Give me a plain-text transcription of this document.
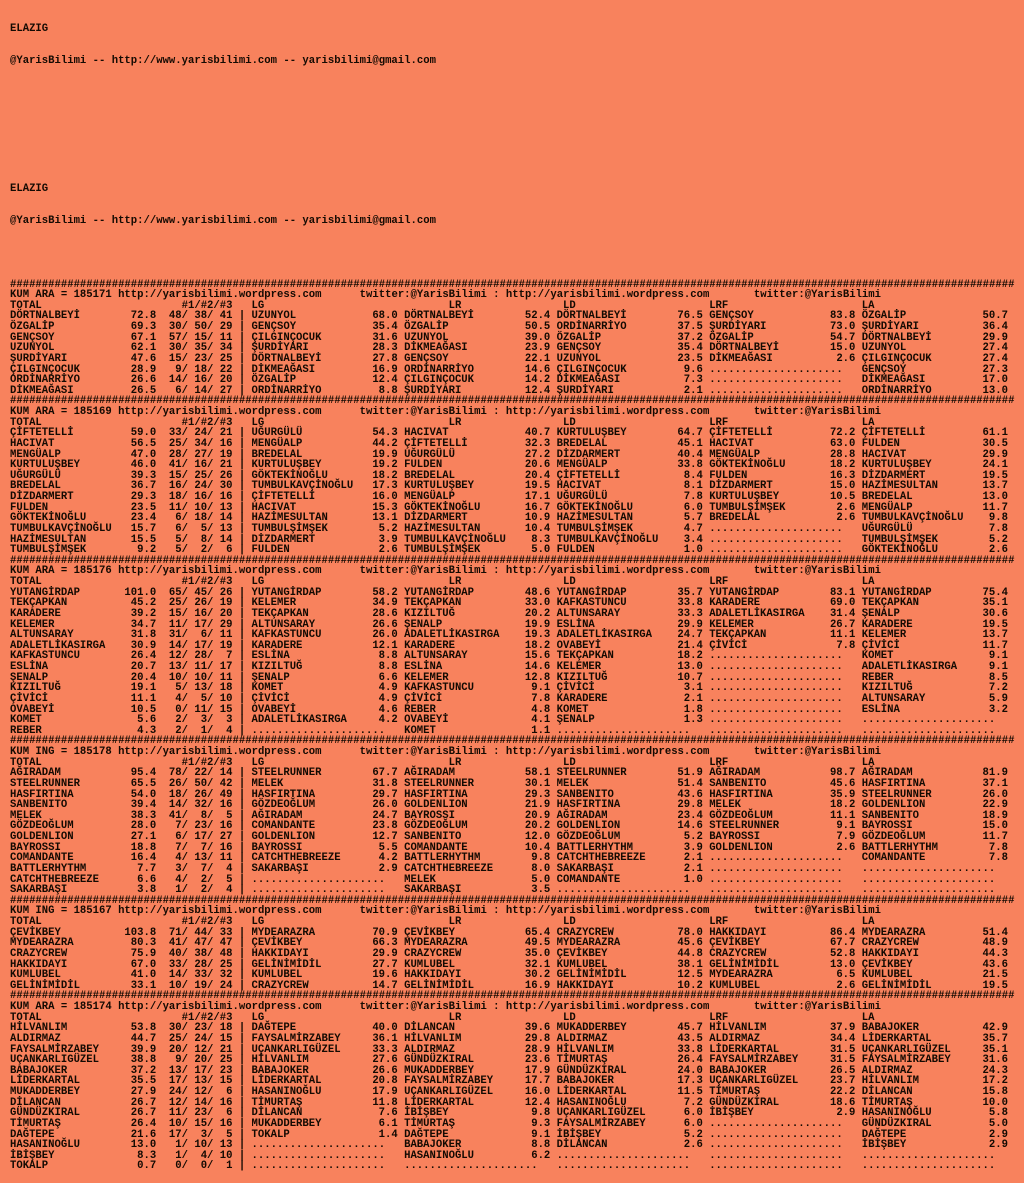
ELAZIG

@YarisBilimi -- http://www.yarisbilimi.com -- yarisbilimi@gmail.com

ELAZIG

@YarisBilimi -- http://www.yarisbilimi.com -- yarisbilimi@gmail.com

##############################################################################################################################################################
KUM ARA = 185171 http://yarisbilimi.wordpress.com	twitter:@YarisBilimi : http://yarisbilimi.wordpress.com	twitter:@YarisBilimi
TOTAL	#1/#2/#3 LG	LR	LD	LRF	LA
DÖRTNALBEYİ	72.8 48/ 38/ 41 | UZUNYOL	68.0 DÖRTNALBEYİ	52.4 DÖRTNALBEYİ	76.5 GENÇSOY	83.8 ÖZGALİP	50.7
ÖZGALİP	69.3 30/ 50/ 29 | GENÇSOY	35.4 ÖZGALİP	50.5 ORDİNARRİYO	37.5 ŞURDİYARI	73.0 ŞURDİYARI	36.4
GENÇSOY	67.1 57/ 15/ 11 | ÇILGINÇOCUK	31.6 UZUNYOL	39.0 ÖZGALİP	37.2 ÖZGALİP	54.7 DÖRTNALBEYİ	29.9
UZUNYOL	62.1 30/ 35/ 34 | ŞURDİYARI	28.3 DİKMEAĞASI	23.9 GENÇSOY	35.4 DÖRTNALBEYİ	15.0 UZUNYOL	27.4
ŞURDİYARI	47.6 15/ 23/ 25 | DÖRTNALBEYİ	27.8 GENÇSOY	22.1 UZUNYOL	23.5 DİKMEAĞASI	2.6 ÇILGINÇOCUK	27.4
ÇILGINÇOCUK	28.9 9/ 18/ 22 | DİKMEAĞASI	16.9 ORDİNARRİYO	14.6 ÇILGINÇOCUK	9.6 ..................... GENÇSOY	27.3
ORDİNARRİYO	26.6 14/ 16/ 20 | ÖZGALİP	12.4 ÇILGINÇOCUK	14.2 DİKMEAĞASI	7.3 ..................... DİKMEAĞASI	17.0
DİKMEAĞASI	26.5 6/ 14/ 27 | ORDİNARRİYO	8.8 ŞURDİYARI	12.4 ŞURDİYARI	2.1 ..................... ORDİNARRİYO	13.0
##############################################################################################################################################################
KUM ARA = 185169 http://yarisbilimi.wordpress.com	twitter:@YarisBilimi : http://yarisbilimi.wordpress.com	twitter:@YarisBilimi
TOTAL	#1/#2/#3 LG	LR	LD	LRF	LA
ÇİFTETELLİ	59.0 33/ 24/ 21 | UĞURGÜLÜ	54.3 HACIVAT	40.7 KURTULUŞBEY	64.7 ÇİFTETELLİ	72.2 ÇİFTETELLİ	61.1
HACIVAT	56.5 25/ 34/ 16 | MENGÜALP	44.2 ÇİFTETELLİ	32.3 BREDELAL	45.1 HACIVAT	63.0 FULDEN	30.5
MENGÜALP	47.0 28/ 27/ 19 | BREDELAL	19.9 UĞURGÜLÜ	27.2 DİZDARMERT	40.4 MENGÜALP	28.8 HACIVAT	29.9
KURTULUŞBEY	46.0 41/ 16/ 21 | KURTULUŞBEY	19.2 FULDEN	20.6 MENGÜALP	33.8 GÖKTEKİNOĞLU	18.2 KURTULUŞBEY	24.1
UĞURGÜLÜ	39.3 15/ 25/ 26 | GÖKTEKİNOĞLU	18.2 BREDELAL	20.4 ÇİFTETELLİ	8.4 FULDEN	16.3 DİZDARMERT	19.5
BREDELAL	36.7 16/ 24/ 30 | TUMBULKAVÇİNOĞLU 17.3 KURTULUŞBEY	19.5 HACIVAT	8.1 DİZDARMERT	15.0 HAZİMESULTAN	13.7
DİZDARMERT	29.3 18/ 16/ 16 | ÇİFTETELLİ	16.0 MENGÜALP	17.1 UĞURGÜLÜ	7.8 KURTULUŞBEY	10.5 BREDELAL	13.0
FULDEN	23.5 11/ 10/ 13 | HACIVAT	15.3 GÖKTEKİNOĞLU	16.7 GÖKTEKİNOĞLU	6.0 TUMBULŞİMŞEK	2.6 MENGÜALP	11.7
GÖKTEKİNOĞLU	23.4 6/ 18/ 14 | HAZİMESULTAN	13.1 DİZDARMERT	10.9 HAZİMESULTAN	5.7 BREDELAL	2.6 TUMBULKAVÇİNOĞLU 9.8
TUMBULKAVÇİNOĞLU 15.7 6/  5/ 13 | TUMBULŞİMŞEK	5.2 HAZİMESULTAN	10.4 TUMBULŞİMŞEK	4.7 ..................... UĞURGÜLÜ	7.8
HAZİMESULTAN	15.5 5/  8/ 14 | DİZDARMERT	3.9 TUMBULKAVÇİNOĞLU 8.3 TUMBULKAVÇİNOĞLU 3.4 ..................... TUMBULŞİMŞEK	5.2
TUMBULŞİMŞEK	9.2 5/  2/  6 | FULDEN	2.6 TUMBULŞİMŞEK	5.0 FULDEN	1.0 ..................... GÖKTEKİNOĞLU	2.6
##############################################################################################################################################################
KUM ARA = 185176 http://yarisbilimi.wordpress.com	twitter:@YarisBilimi : http://yarisbilimi.wordpress.com	twitter:@YarisBilimi
TOTAL	#1/#2/#3 LG	LR	LD	LRF	LA
YUTANGİRDAP	101.0 65/ 45/ 26 | YUTANGİRDAP	58.2 YUTANGİRDAP	48.6 YUTANGİRDAP	35.7 YUTANGİRDAP	83.1 YUTANGİRDAP	75.4
TEKÇAPKAN	45.2 25/ 26/ 19 | KELEMER	34.9 TEKÇAPKAN	33.0 KAFKASTUNCU	33.8 KARADERE	69.0 TEKÇAPKAN	35.1
KARADERE	39.2 15/ 16/ 20 | TEKÇAPKAN	28.6 KIZILTUĞ	20.2 ALTUNSARAY	33.3 ADALETLİKASIRGA 31.4 ŞENALP	30.6
KELEMER	34.7 11/ 17/ 29 | ALTUNSARAY	26.6 ŞENALP	19.9 ESLİNA	29.9 KELEMER	26.7 KARADERE	19.5
ALTUNSARAY	31.8 31/  6/ 11 | KAFKASTUNCU	26.0 ADALETLİKASIRGA 19.3 ADALETLİKASIRGA 24.7 TEKÇAPKAN	11.1 KELEMER	13.7
ADALETLİKASIRGA 30.9 14/ 17/ 19 | KARADERE	12.1 KARADERE	18.2 OVABEYİ	21.4 ÇİVİCİ	7.8 ÇİVİCİ	11.7
KAFKASTUNCU	26.4 12/ 28/  7 | ESLİNA	8.8 ALTUNSARAY	15.6 TEKÇAPKAN	18.2 ..................... KOMET	9.1
ESLİNA	20.7 13/ 11/ 17 | KIZILTUĞ	8.8 ESLİNA	14.6 KELEMER	13.0 ..................... ADALETLİKASIRGA	9.1
ŞENALP	20.4 10/ 10/ 11 | ŞENALP	6.6 KELEMER	12.8 KIZILTUĞ	10.7 ..................... REBER	8.5
KIZILTUĞ	19.1 5/ 13/ 18 | KOMET	4.9 KAFKASTUNCU	9.1 ÇİVİCİ	3.1 ..................... KIZILTUĞ	7.2
ÇİVİCİ	11.1 4/  5/ 10 | ÇİVİCİ	4.9 ÇİVİCİ	7.8 KARADERE	2.1 ..................... ALTUNSARAY	5.9
OVABEYİ	10.5 0/ 11/ 15 | OVABEYİ	4.6 REBER	4.8 KOMET	1.8 ..................... ESLİNA	3.2
KOMET	5.6 2/  3/  3 | ADALETLİKASIRGA	4.2 OVABEYİ	4.1 ŞENALP	1.3 ..................... .....................
REBER	4.3 2/  1/  4 | ..................... KOMET	1.1 ..................... ..................... .....................
##############################################################################################################################################################
KUM ING = 185178 http://yarisbilimi.wordpress.com	twitter:@YarisBilimi : http://yarisbilimi.wordpress.com	twitter:@YarisBilimi
TOTAL	#1/#2/#3 LG	LR	LD	LRF	LA
AĞIRADAM	95.4 78/ 22/ 14 | STEELRUNNER	67.7 AĞIRADAM	58.1 STEELRUNNER	51.9 AĞIRADAM	98.7 AĞIRADAM	81.9
STEELRUNNER	65.5 26/ 50/ 42 | MELEK	31.8 STEELRUNNER	30.1 MELEK	51.4 SANBENITO	45.6 HASFIRTINA	37.1
HASFIRTINA	54.0 18/ 26/ 49 | HASFIRTINA	29.7 HASFIRTINA	29.3 SANBENITO	43.6 HASFIRTINA	35.9 STEELRUNNER	26.0
SANBENITO	39.4 14/ 32/ 16 | GÖZDEOĞLUM	26.0 GOLDENLION	21.9 HASFIRTINA	29.8 MELEK	18.2 GOLDENLION	22.9
MELEK	38.3 41/  8/  5 | AĞIRADAM	24.7 BAYROSSI	20.9 AĞIRADAM	23.4 GÖZDEOĞLUM	11.1 SANBENITO	18.9
GÖZDEOĞLUM	28.0 7/ 23/ 16 | COMANDANTE	23.8 GÖZDEOĞLUM	20.2 GOLDENLION	14.6 STEELRUNNER	9.1 BAYROSSI	15.0
GOLDENLION	27.1 6/ 17/ 27 | GOLDENLION	12.7 SANBENITO	12.0 GÖZDEOĞLUM	5.2 BAYROSSI	7.9 GÖZDEOĞLUM	11.7
BAYROSSI	18.8 7/  7/ 16 | BAYROSSI	5.5 COMANDANTE	10.4 BATTLERHYTHM	3.9 GOLDENLION	2.6 BATTLERHYTHM	7.8
COMANDANTE	16.4 4/ 13/ 11 | CATCHTHEBREEZE	4.2 BATTLERHYTHM	9.8 CATCHTHEBREEZE	2.1 ..................... COMANDANTE	7.8
BATTLERHYTHM	7.7 3/  7/  4 | SAKARBAŞI	2.9 CATCHTHEBREEZE	8.0 SAKARBAŞI	2.1 ..................... .....................
CATCHTHEBREEZE	6.6 4/  2/  5 | ..................... MELEK	5.0 COMANDANTE	1.0 ..................... .....................
SAKARBAŞI	3.8 1/  2/  4 | ..................... SAKARBAŞI	3.5 ..................... ..................... .....................
##############################################################################################################################################################
KUM ING = 185167 http://yarisbilimi.wordpress.com	twitter:@YarisBilimi : http://yarisbilimi.wordpress.com	twitter:@YarisBilimi
TOTAL	#1/#2/#3 LG	LR	LD	LRF	LA
ÇEVİKBEY	103.8 71/ 44/ 33 | MYDEARAZRA	70.9 ÇEVİKBEY	65.4 CRAZYCREW	78.0 HAKKIDAYI	86.4 MYDEARAZRA	51.4
MYDEARAZRA	80.3 41/ 47/ 47 | ÇEVİKBEY	66.3 MYDEARAZRA	49.5 MYDEARAZRA	45.6 ÇEVİKBEY	67.7 CRAZYCREW	48.9
CRAZYCREW	75.9 40/ 38/ 48 | HAKKIDAYI	29.9 CRAZYCREW	35.0 ÇEVİKBEY	44.8 CRAZYCREW	52.8 HAKKIDAYI	44.3
HAKKIDAYI	67.0 33/ 28/ 25 | GELİNİMİDİL	27.7 KUMLUBEL	32.1 KUMLUBEL	38.1 GELİNİMİDİL	13.0 ÇEVİKBEY	43.6
KUMLUBEL	41.0 14/ 33/ 32 | KUMLUBEL	19.6 HAKKIDAYI	30.2 GELİNİMİDİL	12.5 MYDEARAZRA	6.5 KUMLUBEL	21.5
GELİNİMİDİL	33.1 10/ 19/ 24 | CRAZYCREW	14.7 GELİNİMİDİL	16.9 HAKKIDAYI	10.2 KUMLUBEL	2.6 GELİNİMİDİL	19.5
##############################################################################################################################################################
KUM ARA = 185174 http://yarisbilimi.wordpress.com	twitter:@YarisBilimi : http://yarisbilimi.wordpress.com	twitter:@YarisBilimi
TOTAL	#1/#2/#3 LG	LR	LD	LRF	LA
HİLVANLIM	53.8 30/ 23/ 18 | DAĞTEPE	40.0 DİLANCAN	39.6 MUKADDERBEY	45.7 HİLVANLIM	37.9 BABAJOKER	42.9
ALDIRMAZ	44.7 25/ 24/ 15 | FAYSALMİRZABEY	36.1 HİLVANLIM	29.8 ALDIRMAZ	43.5 ALDIRMAZ	34.4 LİDERKARTAL	35.7
FAYSALMİRZABEY	39.9 20/ 12/ 21 | UÇANKARLIGÜZEL	33.3 ALDIRMAZ	28.9 HİLVANLIM	33.8 LİDERKARTAL	31.5 UÇANKARLIGÜZEL	35.1
UÇANKARLIGÜZEL	38.8 9/ 20/ 25 | HİLVANLIM	27.6 GÜNDÜZKIRAL	23.6 TİMURTAŞ	26.4 FAYSALMİRZABEY	31.5 FAYSALMİRZABEY	31.6
BABAJOKER	37.2 13/ 17/ 23 | BABAJOKER	26.6 MUKADDERBEY	17.9 GÜNDÜZKIRAL	24.0 BABAJOKER	26.5 ALDIRMAZ	24.3
LİDERKARTAL	35.5 17/ 13/ 15 | LİDERKARTAL	20.8 FAYSALMİRZABEY	17.7 BABAJOKER	17.3 UÇANKARLIGÜZEL	23.7 HİLVANLIM	17.2
MUKADDERBEY	27.9 24/ 12/  6 | HASANINOĞLU	17.9 UÇANKARLIGÜZEL	16.0 LİDERKARTAL	11.5 TİMURTAŞ	22.2 DİLANCAN	15.8
DİLANCAN	26.7 12/ 14/ 16 | TİMURTAŞ	11.8 LİDERKARTAL	12.4 HASANINOĞLU	7.2 GÜNDÜZKIRAL	18.6 TİMURTAŞ	10.0
GÜNDÜZKIRAL	26.7 11/ 23/  6 | DİLANCAN	7.6 İBİŞBEY	9.8 UÇANKARLIGÜZEL	6.0 İBİŞBEY	2.9 HASANINOĞLU	5.8
TİMURTAŞ	26.4 10/ 15/ 16 | MUKADDERBEY	6.1 TİMURTAŞ	9.3 FAYSALMİRZABEY	6.0 ..................... GÜNDÜZKIRAL	5.0
DAĞTEPE	21.6 17/  3/  5 | TOKALP	1.4 DAĞTEPE	9.1 İBİŞBEY	5.2 ..................... DAĞTEPE	2.9
HASANINOĞLU	13.0 1/ 10/ 13 | ..................... BABAJOKER	8.8 DİLANCAN	2.6 ..................... İBİŞBEY	2.9
İBİŞBEY	8.3 1/  4/ 10 | ..................... HASANINOĞLU	6.2 ..................... ..................... .....................
TOKALP	0.7 0/  0/  1 | ..................... ..................... ..................... ..................... .....................
